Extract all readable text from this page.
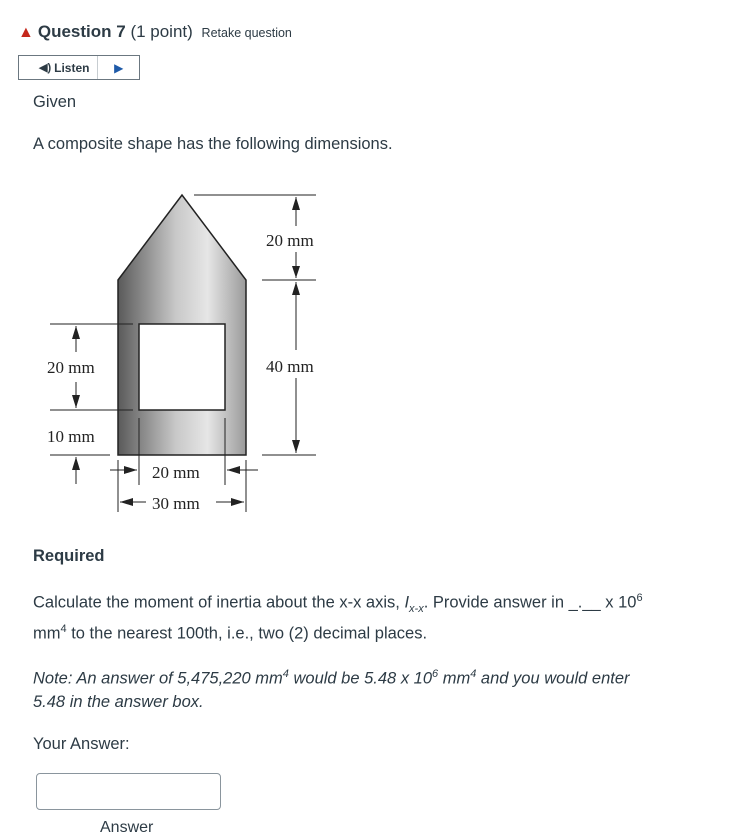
▲ Question 7 (1 point) Retake question
◀) Listen	▶
Given
A composite shape has the following dimensions.
20 mm
40 mm
20 mm
10 mm
20 mm
30 mm
Required
Calculate the moment of inertia about the x-x axis, $I_{x-x}$. Provide answer in _.__ x $10^6$
$mm^4$ to the nearest 100th, i.e., two (2) decimal places.
Note: An answer of 5,475,220 $mm^4$ would be 5.48 x $10^6$ $mm^4$ and you would enter
5.48 in the answer box.
Your Answer:
Answer
